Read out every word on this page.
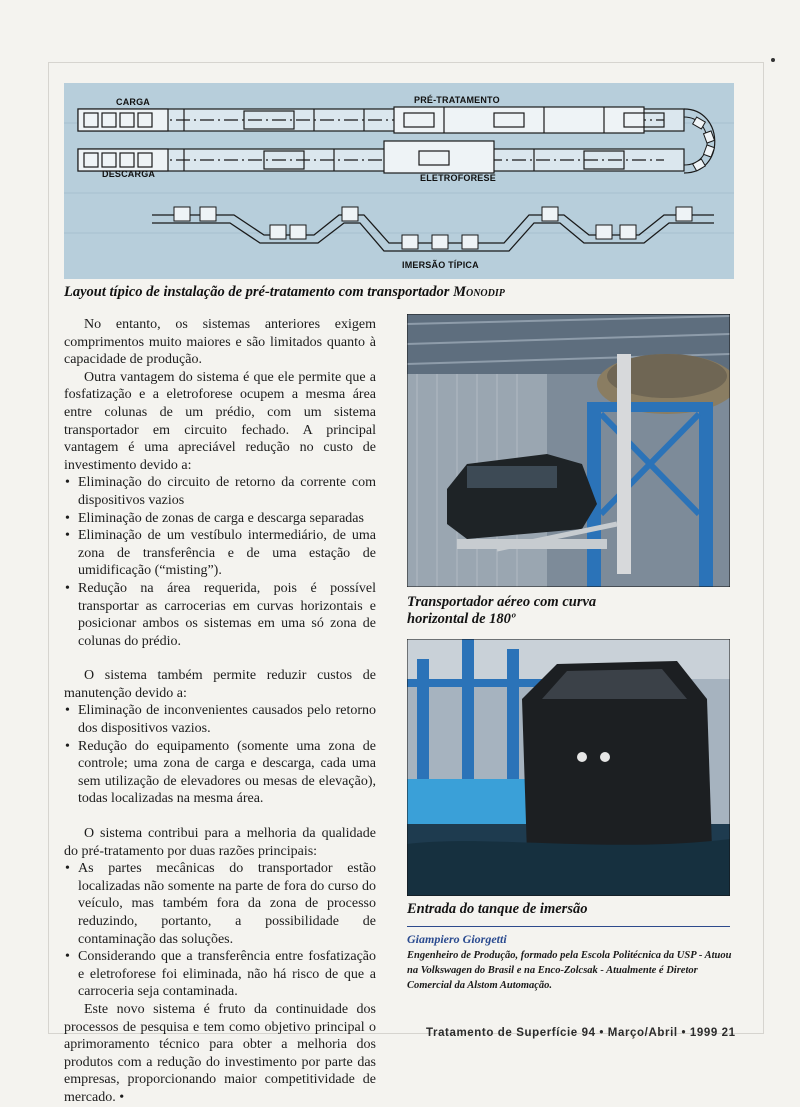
CARGA
DESCARGA
PRÉ-TRATAMENTO
ELETROFORESE
IMERSÃO TÍPICA
Layout típico de instalação de pré-tratamento com transportador Monodip

No entanto, os sistemas anteriores exigem comprimentos muito maiores e são limitados quanto à capacidade de produção.

Outra vantagem do sistema é que ele permite que a fosfatização e a eletroforese ocupem a mesma área entre colunas de um prédio, com um sistema transportador em circuito fechado. A principal vantagem é uma apreciável redução no custo de investimento devido a:

• Eliminação do circuito de retorno da corrente com dispositivos vazios
• Eliminação de zonas de carga e descarga separadas
• Eliminação de um vestíbulo intermediário, de uma zona de transferência e de uma estação de umidificação (“misting”).
• Redução na área requerida, pois é possível transportar as carrocerias em curvas horizontais e posicionar ambos os sistemas em uma só zona de colunas do prédio.

O sistema também permite reduzir custos de manutenção devido a:

• Eliminação de inconvenientes causados pelo retorno dos dispositivos vazios.
• Redução do equipamento (somente uma zona de controle; uma zona de carga e descarga, cada uma sem utilização de elevadores ou mesas de elevação), todas localizadas na mesma área.

O sistema contribui para a melhoria da qualidade do pré-tratamento por duas razões principais:

• As partes mecânicas do transportador estão localizadas não somente na parte de fora do curso do veículo, mas também fora da zona de processo reduzindo, portanto, a possibilidade de contaminação das soluções.
• Considerando que a transferência entre fosfatização e eletroforese foi eliminada, não há risco de que a carroceria seja contaminada.

Este novo sistema é fruto da continuidade dos processos de pesquisa e tem como objetivo principal o aprimoramento técnico para obter a melhoria dos produtos com a redução do investimento por parte das empresas, proporcionando maior competitividade de mercado. •

Transportador aéreo com curva horizontal de 180º
Entrada do tanque de imersão
Giampiero Giorgetti
Engenheiro de Produção, formado pela Escola Politécnica da USP - Atuou na Volkswagen do Brasil e na Enco-Zolcsak - Atualmente é Diretor Comercial da Alstom Automação.
Tratamento de Superfície 94 • Março/Abril • 1999 21
